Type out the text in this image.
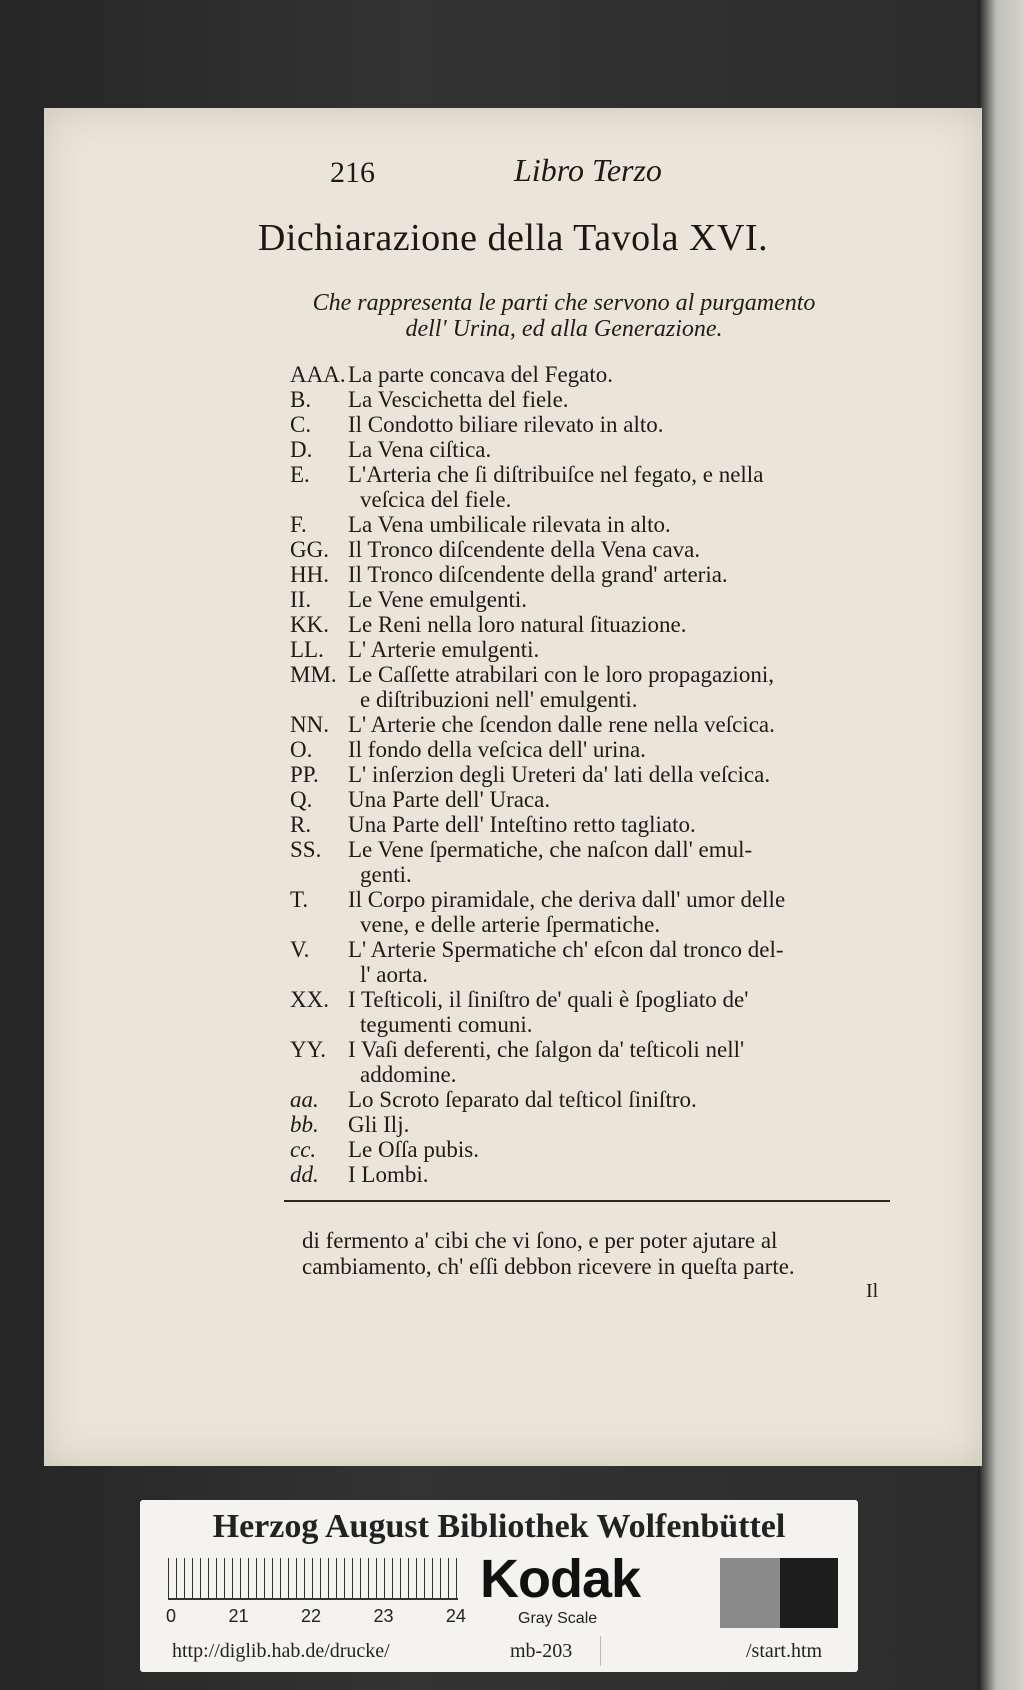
216	Libro Terzo
Dichiarazione della Tavola XVI.
Che rappresenta le parti che servono al purgamento
dell' Urina, ed alla Generazione.
AAA. La parte concava del Fegato.
B.	La Vescichetta del fiele.
C.	Il Condotto biliare rilevato in alto.
D.	La Vena ciſtica.
E.	L'Arteria che ſi diſtribuiſce nel fegato, e nella
veſcica del fiele.
F.	La Vena umbilicale rilevata in alto.
GG. Il Tronco diſcendente della Vena cava.
HH. Il Tronco diſcendente della grand' arteria.
II.	Le Vene emulgenti.
KK. Le Reni nella loro natural ſituazione.
LL.	L' Arterie emulgenti.
MM. Le Caſſette atrabilari con le loro propagazioni,
e diſtribuzioni nell' emulgenti.
NN. L' Arterie che ſcendon dalle rene nella veſcica.
O.	Il fondo della veſcica dell' urina.
PP.	L' inſerzion degli Ureteri da' lati della veſcica.
Q.	Una Parte dell' Uraca.
R.	Una Parte dell' Inteſtino retto tagliato.
SS.	Le Vene ſpermatiche, che naſcon dall' emul-
genti.
T.	Il Corpo piramidale, che deriva dall' umor delle
vene, e delle arterie ſpermatiche.
V.	L' Arterie Spermatiche ch' eſcon dal tronco del-
l' aorta.
XX. I Teſticoli, il ſiniſtro de' quali è ſpogliato de'
tegumenti comuni.
YY. I Vaſi deferenti, che ſalgon da' teſticoli nell'
addomine.
aa.	Lo Scroto ſeparato dal teſticol ſiniſtro.
bb.	Gli Ilj.
cc.	Le Oſſa pubis.
dd.	I Lombi.
di fermento a' cibi che vi ſono, e per poter ajutare al
cambiamento, ch' eſſi debbon ricevere in queſta parte.
Il
Herzog August Bibliothek Wolfenbüttel
0	21	22	23	24
Kodak
Gray Scale
http://diglib.hab.de/drucke/	mb-203	/start.htm
